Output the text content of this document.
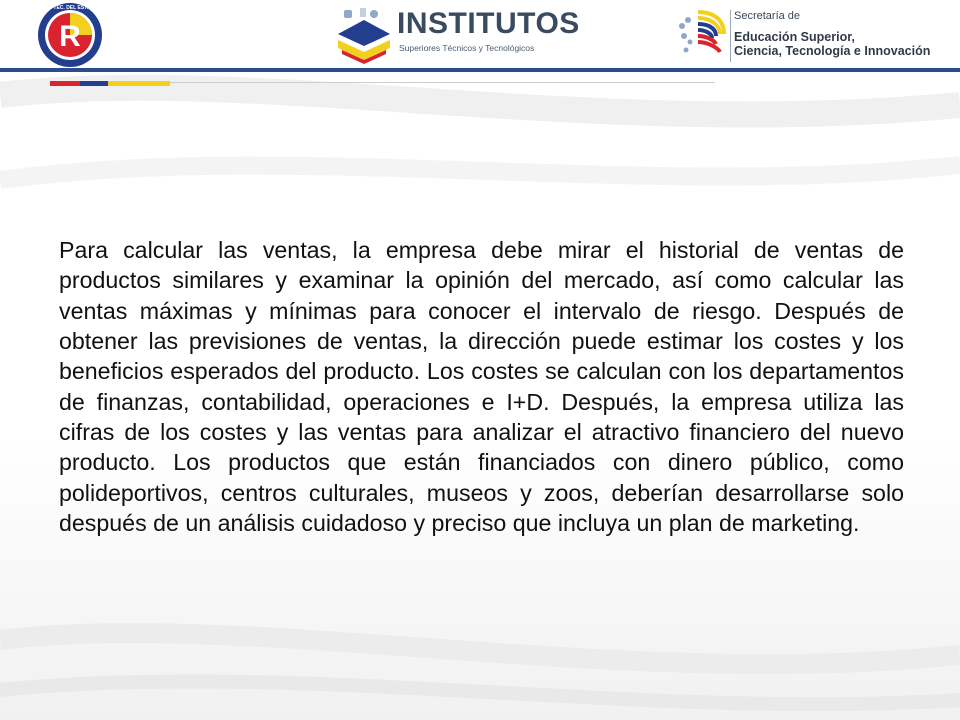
R
UNI. TEC. DEL ESTADO	INSTITUTOS
Superiores Técnicos y Tecnológicos
Secretaría de
Educación Superior,
Ciencia, Tecnología e Innovación

Para calcular las ventas, la empresa debe mirar el historial de ventas de productos similares y examinar la opinión del mercado, así como calcular las ventas máximas y mínimas para conocer el intervalo de riesgo. Después de obtener las previsiones de ventas, la dirección puede estimar los costes y los beneficios esperados del producto. Los costes se calculan con los departamentos de finanzas, contabilidad, operaciones e I+D. Después, la empresa utiliza las cifras de los costes y las ventas para analizar el atractivo financiero del nuevo producto. Los productos que están financiados con dinero público, como polideportivos, centros culturales, museos y zoos, deberían desarrollarse solo después de un análisis cuidadoso y preciso que incluya un plan de marketing.
